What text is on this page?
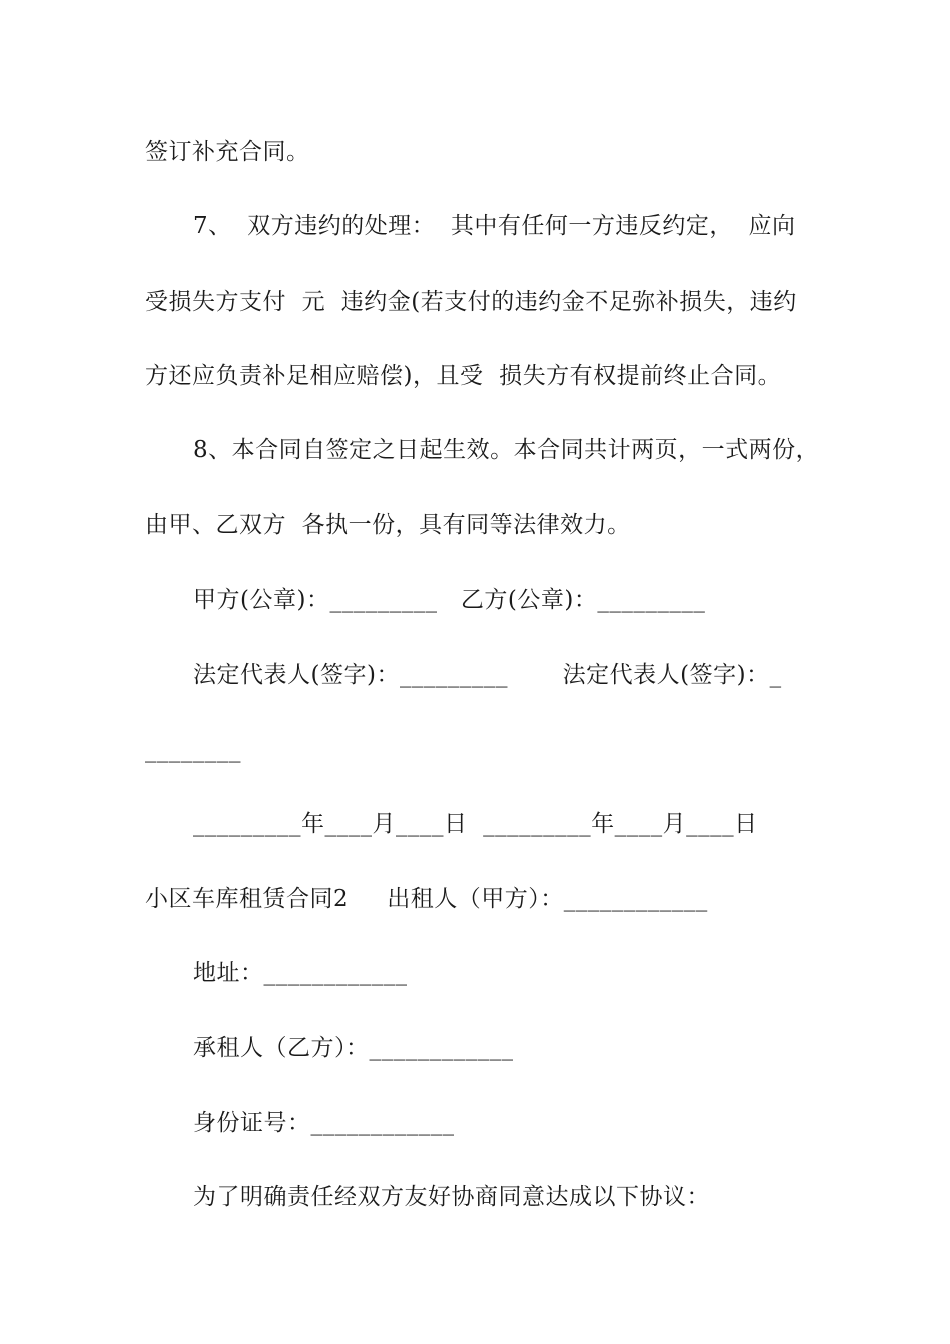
签订补充合同。
7、  双方违约的处理：  其中有任何一方违反约定，  应向
受损失方支付  元  违约金(若支付的违约金不足弥补损失，违约
方还应负责补足相应赔偿)，且受  损失方有权提前终止合同。
8、本合同自签定之日起生效。本合同共计两页，一式两份，
由甲、乙双方  各执一份，具有同等法律效力。
甲方(公章)：_________   乙方(公章)：_________
法定代表人(签字)：_________       法定代表人(签字)：_
________
_________年____月____日  _________年____月____日
小区车库租赁合同2     出租人（甲方）：____________
地址：____________
承租人（乙方）：____________
身份证号：____________
为了明确责任经双方友好协商同意达成以下协议：
